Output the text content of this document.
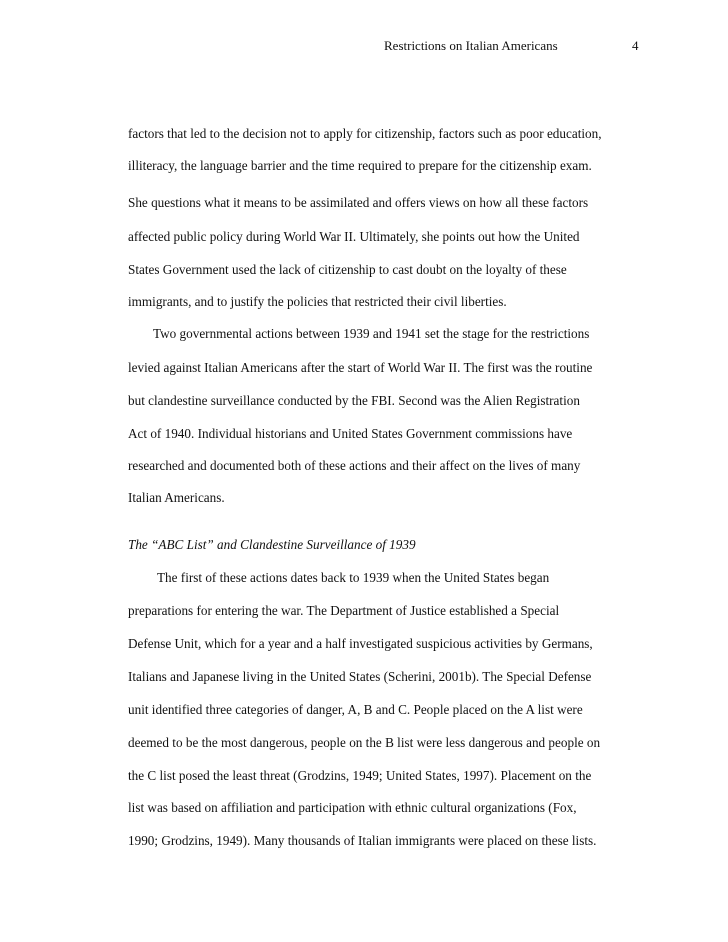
Restrictions on Italian Americans	4
factors that led to the decision not to apply for citizenship, factors such as poor education,
illiteracy, the language barrier and the time required to prepare for the citizenship exam.
She questions what it means to be assimilated and offers views on how all these factors
affected public policy during World War II. Ultimately, she points out how the United
States Government used the lack of citizenship to cast doubt on the loyalty of these
immigrants, and to justify the policies that restricted their civil liberties.
Two governmental actions between 1939 and 1941 set the stage for the restrictions
levied against Italian Americans after the start of World War II. The first was the routine
but clandestine surveillance conducted by the FBI. Second was the Alien Registration
Act of 1940. Individual historians and United States Government commissions have
researched and documented both of these actions and their affect on the lives of many
Italian Americans.
The “ABC List” and Clandestine Surveillance of 1939
The first of these actions dates back to 1939 when the United States began
preparations for entering the war. The Department of Justice established a Special
Defense Unit, which for a year and a half investigated suspicious activities by Germans,
Italians and Japanese living in the United States (Scherini, 2001b). The Special Defense
unit identified three categories of danger, A, B and C. People placed on the A list were
deemed to be the most dangerous, people on the B list were less dangerous and people on
the C list posed the least threat (Grodzins, 1949; United States, 1997). Placement on the
list was based on affiliation and participation with ethnic cultural organizations (Fox,
1990; Grodzins, 1949). Many thousands of Italian immigrants were placed on these lists.
